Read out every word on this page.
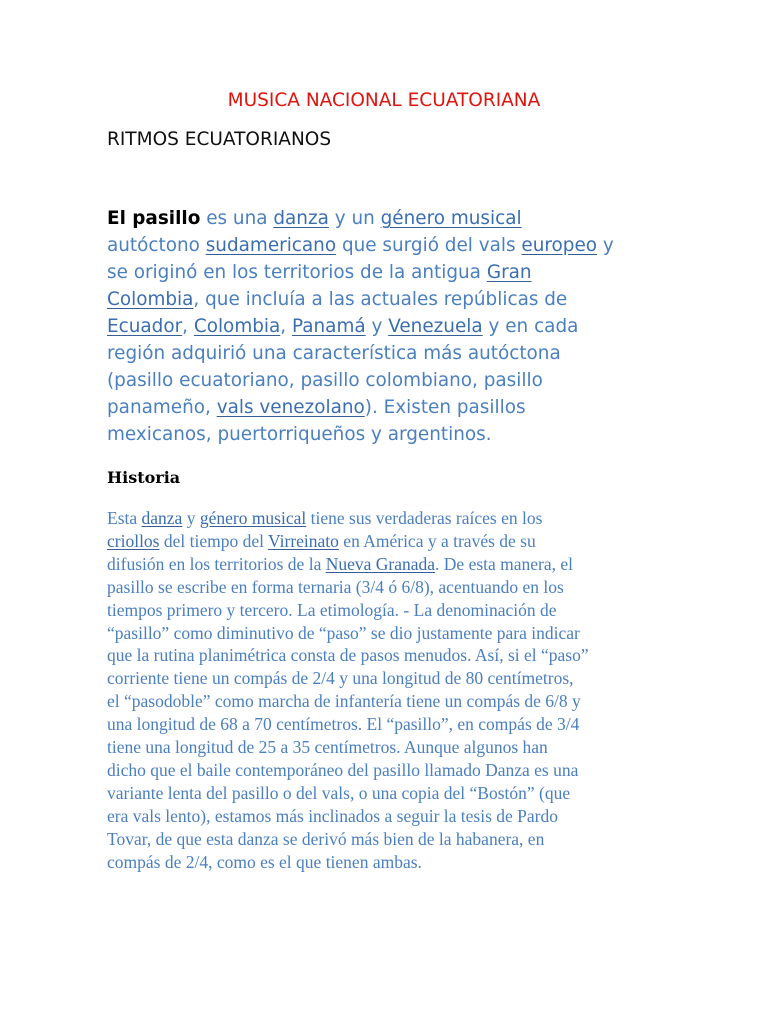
MUSICA NACIONAL ECUATORIANA
RITMOS ECUATORIANOS

El pasillo es una danza y un género musical
autóctono sudamericano que surgió del vals europeo y
se originó en los territorios de la antigua Gran
Colombia, que incluía a las actuales repúblicas de
Ecuador, Colombia, Panamá y Venezuela y en cada
región adquirió una característica más autóctona
(pasillo ecuatoriano, pasillo colombiano, pasillo
panameño, vals venezolano). Existen pasillos
mexicanos, puertorriqueños y argentinos.

Historia

Esta danza y género musical tiene sus verdaderas raíces en los
criollos del tiempo del Virreinato en América y a través de su
difusión en los territorios de la Nueva Granada. De esta manera, el
pasillo se escribe en forma ternaria (3/4 ó 6/8), acentuando en los
tiempos primero y tercero. La etimología. - La denominación de
“pasillo” como diminutivo de “paso” se dio justamente para indicar
que la rutina planimétrica consta de pasos menudos. Así, si el “paso”
corriente tiene un compás de 2/4 y una longitud de 80 centímetros,
el “pasodoble” como marcha de infantería tiene un compás de 6/8 y
una longitud de 68 a 70 centímetros. El “pasillo”, en compás de 3/4
tiene una longitud de 25 a 35 centímetros. Aunque algunos han
dicho que el baile contemporáneo del pasillo llamado Danza es una
variante lenta del pasillo o del vals, o una copia del “Bostón” (que
era vals lento), estamos más inclinados a seguir la tesis de Pardo
Tovar, de que esta danza se derivó más bien de la habanera, en
compás de 2/4, como es el que tienen ambas.
